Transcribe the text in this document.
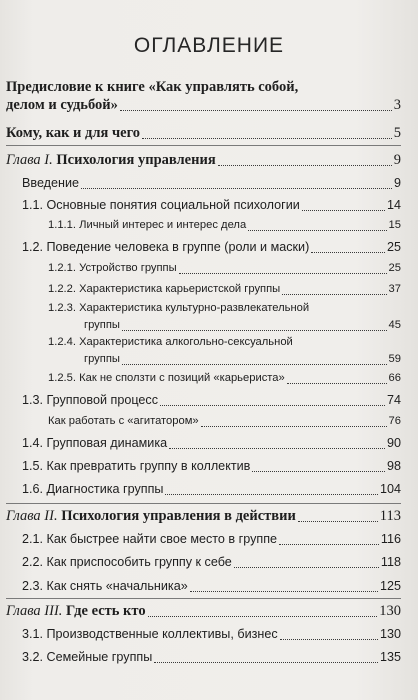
ОГЛАВЛЕНИЕ
Предисловие к книге «Как управлять собой,
делом и судьбой»	3
Кому, как и для чего	5
Глава I. Психология управления	9
Введение	9
1.1. Основные понятия социальной психологии	14
1.1.1. Личный интерес и интерес дела	15
1.2. Поведение человека в группе (роли и маски)	25
1.2.1. Устройство группы	25
1.2.2. Характеристика карьеристской группы	37
1.2.3. Характеристика культурно-развлекательной
группы	45
1.2.4. Характеристика алкогольно-сексуальной
группы	59
1.2.5. Как не сползти с позиций «карьериста»	66
1.3. Групповой процесс	74
Как работать с «агитатором»	76
1.4. Групповая динамика	90
1.5. Как превратить группу в коллектив	98
1.6. Диагностика группы	104
Глава II. Психология управления в действии	113
2.1. Как быстрее найти свое место в группе	116
2.2. Как приспособить группу к себе	118
2.3. Как снять «начальника»	125
Глава III. Где есть кто	130
3.1. Производственные коллективы, бизнес	130
3.2. Семейные группы	135
